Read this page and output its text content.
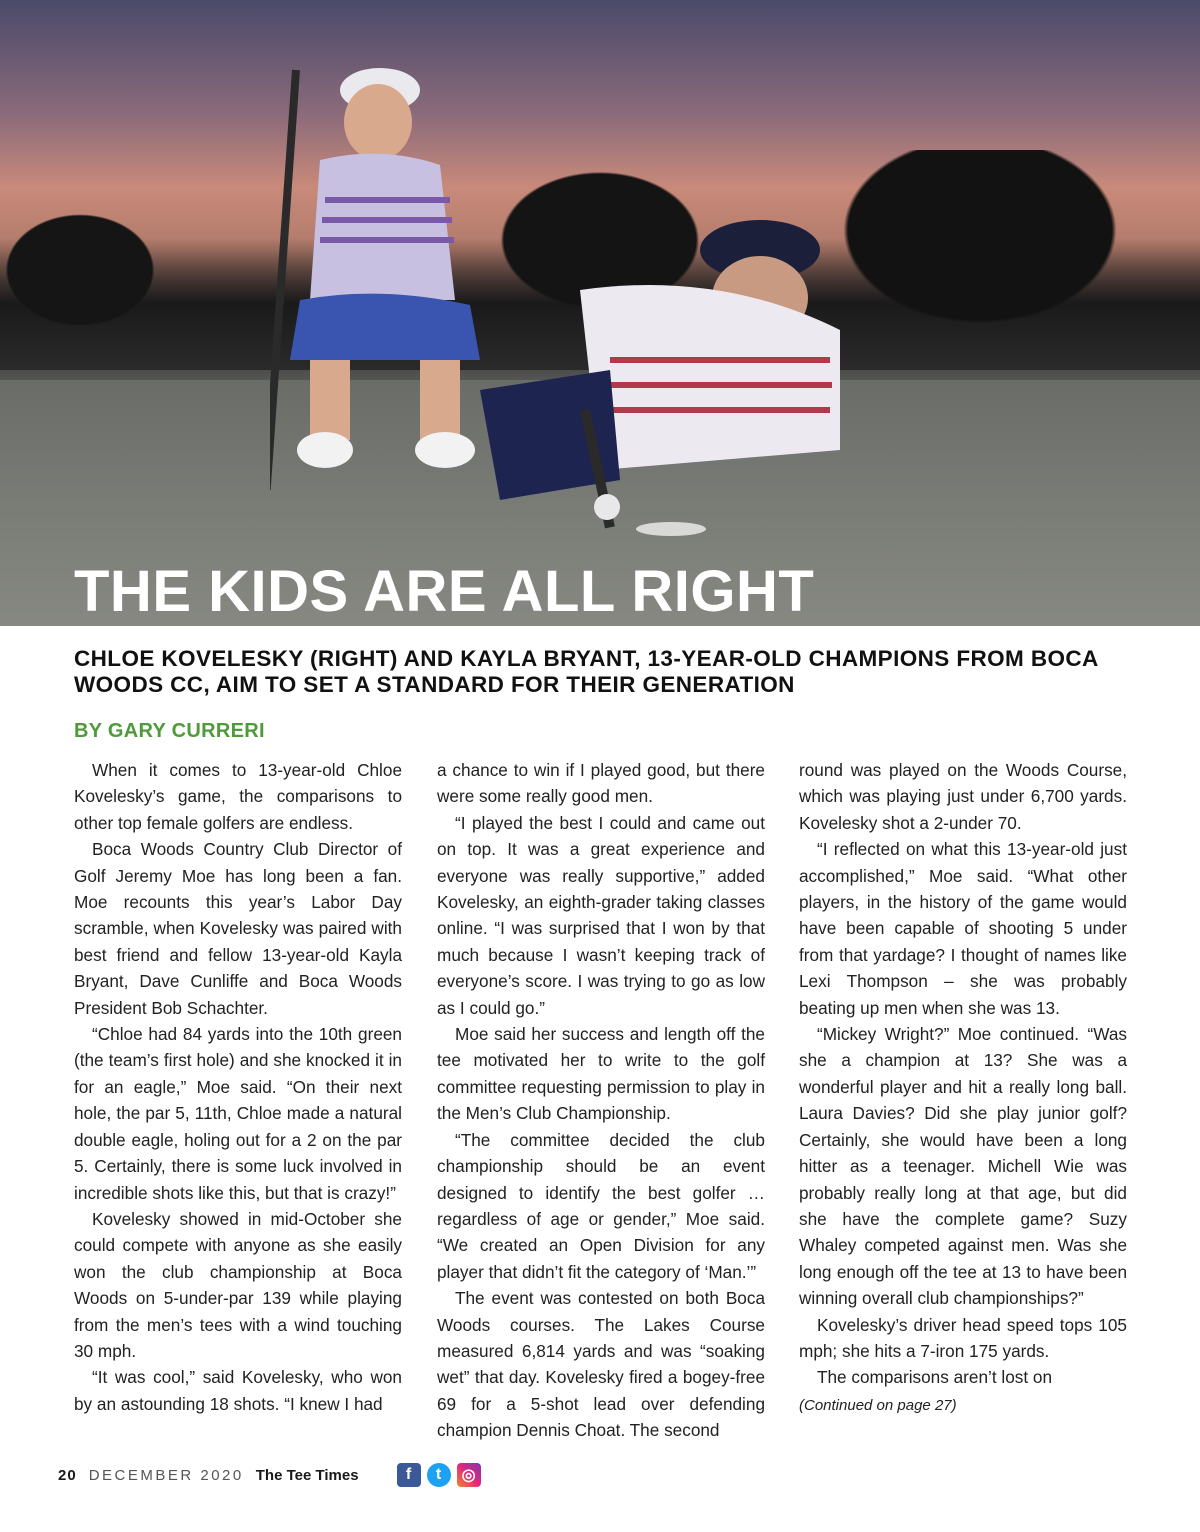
THE KIDS ARE ALL RIGHT
CHLOE KOVELESKY (RIGHT) AND KAYLA BRYANT, 13-YEAR-OLD CHAMPIONS FROM BOCA WOODS CC, AIM TO SET A STANDARD FOR THEIR GENERATION
BY GARY CURRERI

When it comes to 13-year-old Chloe Kovelesky’s game, the comparisons to other top female golfers are endless.

Boca Woods Country Club Director of Golf Jeremy Moe has long been a fan. Moe recounts this year’s Labor Day scramble, when Kovelesky was paired with best friend and fellow 13-year-old Kayla Bryant, Dave Cunliffe and Boca Woods President Bob Schachter.

“Chloe had 84 yards into the 10th green (the team’s first hole) and she knocked it in for an eagle,” Moe said. “On their next hole, the par 5, 11th, Chloe made a natural double eagle, holing out for a 2 on the par 5. Certainly, there is some luck involved in incredible shots like this, but that is crazy!”

Kovelesky showed in mid-October she could compete with anyone as she easily won the club championship at Boca Woods on 5-under-par 139 while playing from the men’s tees with a wind touching 30 mph.

“It was cool,” said Kovelesky, who won by an astounding 18 shots. “I knew I had

a chance to win if I played good, but there were some really good men.

“I played the best I could and came out on top. It was a great experience and everyone was really supportive,” added Kovelesky, an eighth-grader taking classes online. “I was surprised that I won by that much because I wasn’t keeping track of everyone’s score. I was trying to go as low as I could go.”

Moe said her success and length off the tee motivated her to write to the golf committee requesting permission to play in the Men’s Club Championship.

“The committee decided the club championship should be an event designed to identify the best golfer … regardless of age or gender,” Moe said. “We created an Open Division for any player that didn’t fit the category of ‘Man.’”

The event was contested on both Boca Woods courses. The Lakes Course measured 6,814 yards and was “soaking wet” that day. Kovelesky fired a bogey-free 69 for a 5-shot lead over defending champion Dennis Choat. The second

round was played on the Woods Course, which was playing just under 6,700 yards. Kovelesky shot a 2-under 70.

“I reflected on what this 13-year-old just accomplished,” Moe said. “What other players, in the history of the game would have been capable of shooting 5 under from that yardage? I thought of names like Lexi Thompson – she was probably beating up men when she was 13.

“Mickey Wright?” Moe continued. “Was she a champion at 13? She was a wonderful player and hit a really long ball. Laura Davies? Did she play junior golf? Certainly, she would have been a long hitter as a teenager. Michell Wie was probably really long at that age, but did she have the complete game? Suzy Whaley competed against men. Was she long enough off the tee at 13 to have been winning overall club championships?”

Kovelesky’s driver head speed tops 105 mph; she hits a 7-iron 175 yards.

The comparisons aren’t lost on

(Continued on page 27)

20 DECEMBER 2020 The Tee Times	f	t	◎
